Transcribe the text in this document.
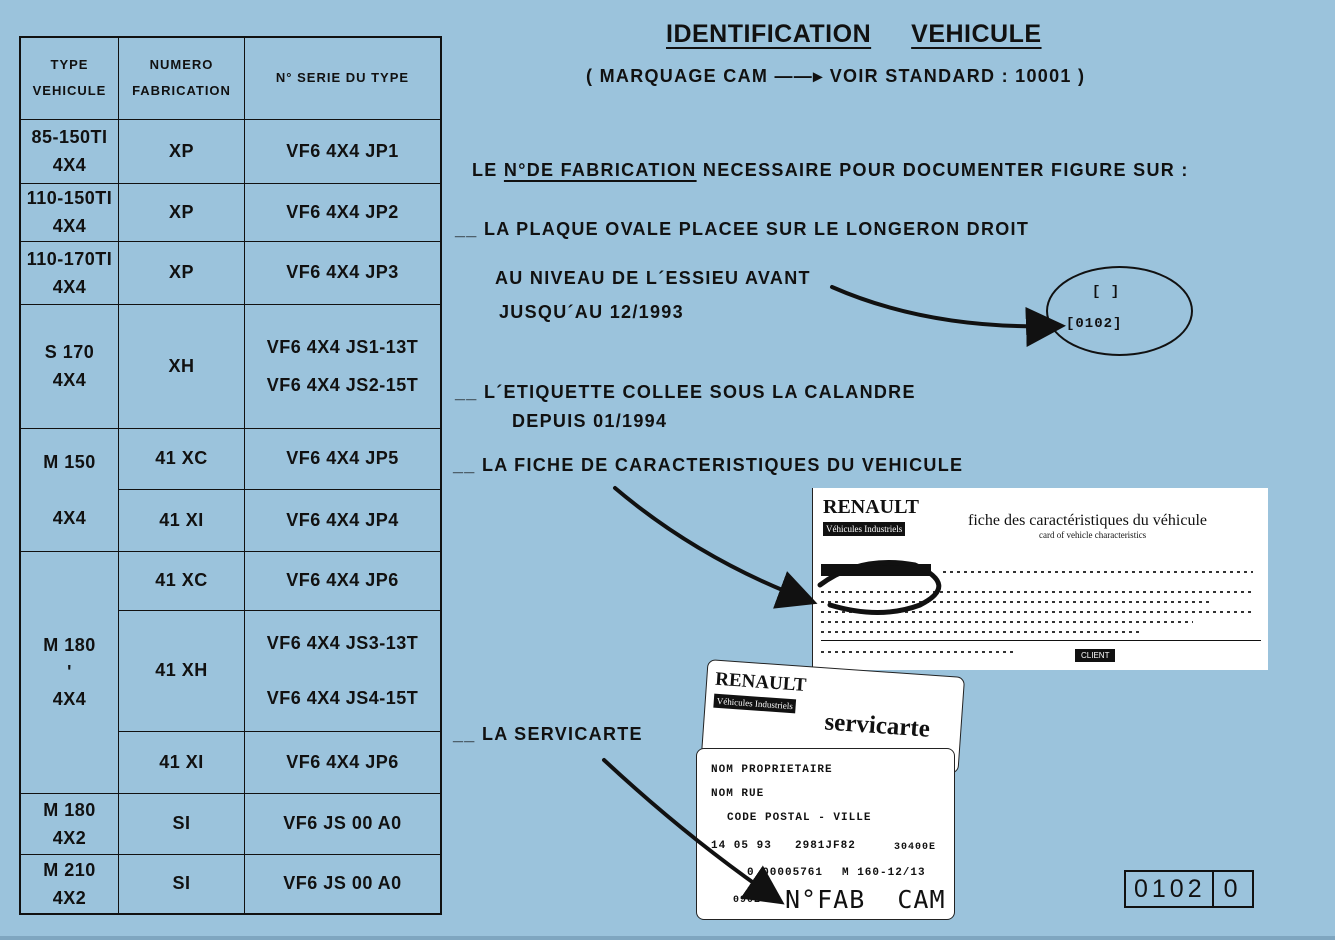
TYPE
VEHICULE	NUMERO
FABRICATION	N° SERIE DU TYPE
85-150TI
4X4	XP	VF6 4X4 JP1
110-150TI
4X4	XP	VF6 4X4 JP2
110-170TI
4X4	XP	VF6 4X4 JP3
S 170
4X4	XH	VF6 4X4 JS1-13T
VF6 4X4 JS2-15T
M 150

4X4	41 XC	VF6 4X4 JP5
	41 XI	VF6 4X4 JP4
M 180
'
4X4	41 XC	VF6 4X4 JP6
	41 XH	VF6 4X4 JS3-13T
VF6 4X4 JS4-15T
	41 XI	VF6 4X4 JP6
M 180
4X2	SI	VF6 JS 00 A0
M 210
4X2	SI	VF6 JS 00 A0
IDENTIFICATION VEHICULE
( MARQUAGE CAM ——▸ VOIR STANDARD : 10001 )
LE N°DE FABRICATION NECESSAIRE POUR DOCUMENTER FIGURE SUR :
__ LA PLAQUE OVALE PLACEE SUR LE LONGERON DROIT
AU NIVEAU DE L´ESSIEU AVANT
JUSQU´AU 12/1993
__ L´ETIQUETTE COLLEE SOUS LA CALANDRE
DEPUIS 01/1994
__ LA FICHE DE CARACTERISTIQUES DU VEHICULE
__ LA SERVICARTE
[ ]
[0102]
RENAULT
Véhicules Industriels	fiche des caractéristiques du véhicule
card of vehicle characteristics
CLIENT
RENAULT
Véhicules Industriels
servicarte
NOM PROPRIETAIRE
NOM RUE
CODE POSTAL - VILLE
14 05 93 2981JF82	30400E
0 00005761 M 160-12/13
0902 N°FAB  CAM	0102 0
